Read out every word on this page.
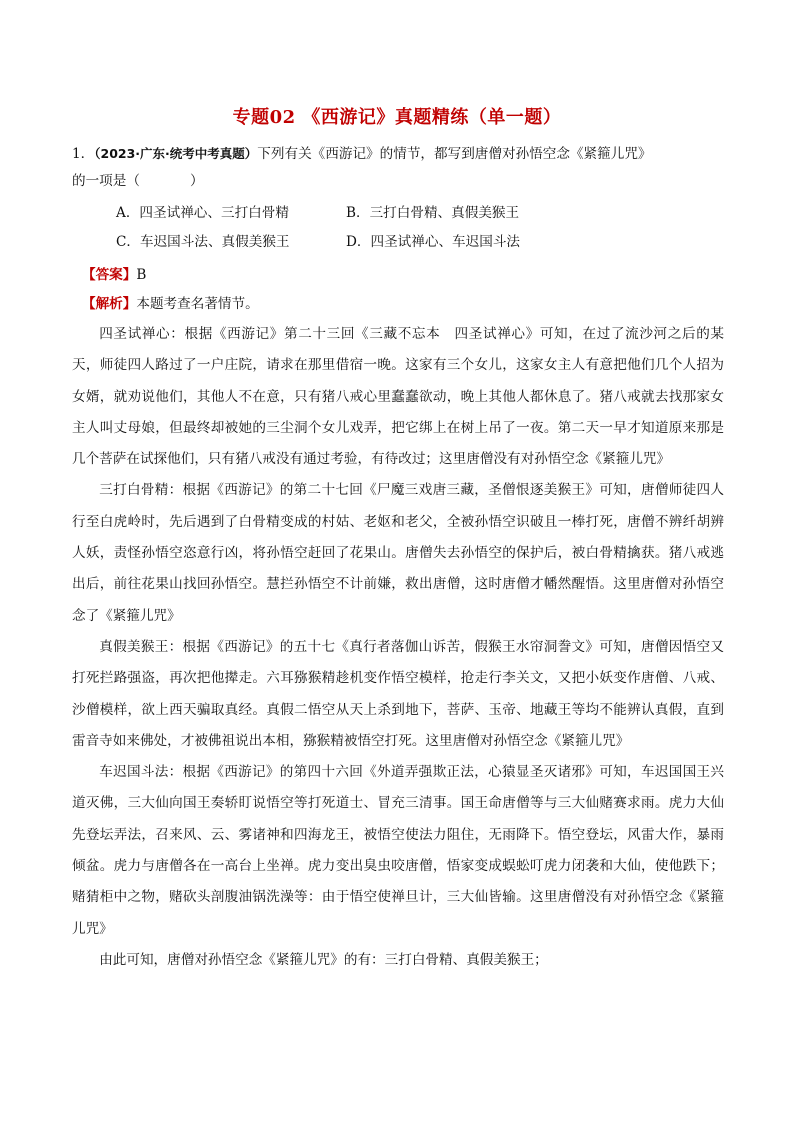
专题02 《西游记》真题精练（单一题）

1．（2023·广东·统考中考真题）下列有关《西游记》的情节，都写到唐僧对孙悟空念《紧箍儿咒》

的一项是（	）

A．四圣试禅心、三打白骨精	B．三打白骨精、真假美猴王
C．车迟国斗法、真假美猴王	D．四圣试禅心、车迟国斗法
【答案】B
【解析】本题考查名著情节。

四圣试禅心：根据《西游记》第二十三回《三藏不忘本　四圣试禅心》可知，在过了流沙河之后的某天，师徒四人路过了一户庄院，请求在那里借宿一晚。这家有三个女儿，这家女主人有意把他们几个人招为女婿，就劝说他们，其他人不在意，只有猪八戒心里蠢蠢欲动，晚上其他人都休息了。猪八戒就去找那家女主人叫丈母娘，但最终却被她的三尘洞个女儿戏弄，把它绑上在树上吊了一夜。第二天一早才知道原来那是几个菩萨在试探他们，只有猪八戒没有通过考验，有待改过；这里唐僧没有对孙悟空念《紧箍儿咒》

三打白骨精：根据《西游记》的第二十七回《尸魔三戏唐三藏，圣僧恨逐美猴王》可知，唐僧师徒四人行至白虎岭时，先后遇到了白骨精变成的村姑、老妪和老父，全被孙悟空识破且一棒打死，唐僧不辨纤胡辨人妖，责怪孙悟空恣意行凶，将孙悟空赶回了花果山。唐僧失去孙悟空的保护后，被白骨精擒获。猪八戒逃出后，前往花果山找回孙悟空。慧拦孙悟空不计前嫌，救出唐僧，这时唐僧才幡然醒悟。这里唐僧对孙悟空念了《紧箍儿咒》

真假美猴王：根据《西游记》的五十七《真行者落伽山诉苦，假猴王水帘洞誊文》可知，唐僧因悟空又打死拦路强盗，再次把他撵走。六耳猕猴精趁机变作悟空模样，抢走行李关文，又把小妖变作唐僧、八戒、沙僧模样，欲上西天骗取真经。真假二悟空从天上杀到地下，菩萨、玉帝、地藏王等均不能辨认真假，直到雷音寺如来佛处，才被佛祖说出本相，猕猴精被悟空打死。这里唐僧对孙悟空念《紧箍儿咒》

车迟国斗法：根据《西游记》的第四十六回《外道弄强欺正法，心猿显圣灭诸邪》可知，车迟国国王兴道灭佛，三大仙向国王奏轿盯说悟空等打死道士、冒充三清事。国王命唐僧等与三大仙赌赛求雨。虎力大仙先登坛弄法，召来风、云、雾诸神和四海龙王，被悟空使法力阻住，无雨降下。悟空登坛，风雷大作，暴雨倾盆。虎力与唐僧各在一高台上坐禅。虎力变出臭虫咬唐僧，悟家变成蜈蚣叮虎力闭袭和大仙，使他跌下；赌猜柜中之物，赌砍头剖腹油锅洗澡等：由于悟空使禅旦计，三大仙皆输。这里唐僧没有对孙悟空念《紧箍儿咒》

由此可知，唐僧对孙悟空念《紧箍儿咒》的有：三打白骨精、真假美猴王；
